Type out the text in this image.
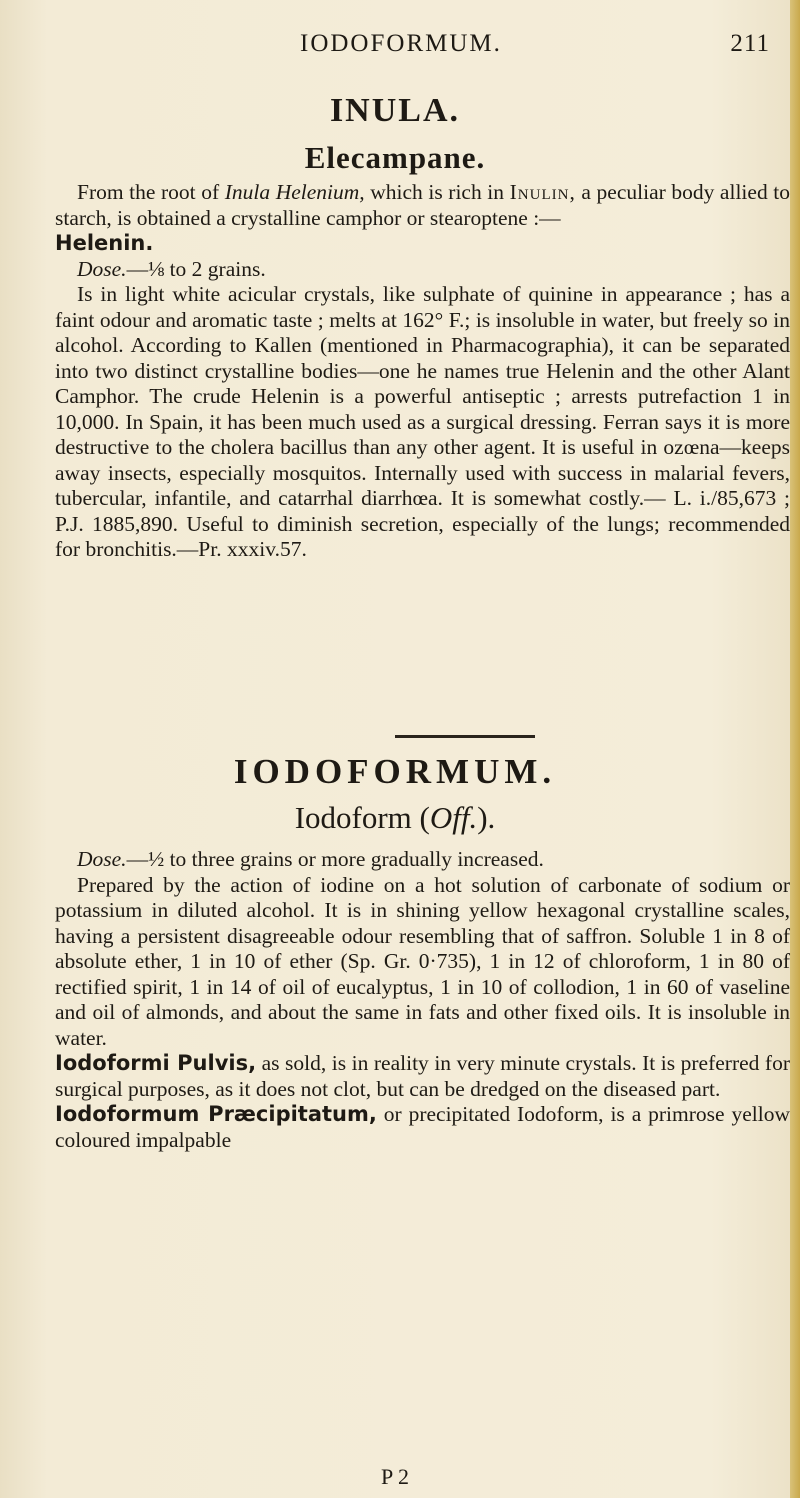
IODOFORMUM.	211
INULA.
Elecampane.

From the root of Inula Helenium, which is rich in Inulin, a peculiar body allied to starch, is obtained a crystalline camphor or stearoptene :—

Helenin.

Dose.—⅛ to 2 grains.

Is in light white acicular crystals, like sulphate of quinine in appearance ; has a faint odour and aromatic taste ; melts at 162° F.; is insoluble in water, but freely so in alcohol. According to Kallen (mentioned in Pharmacographia), it can be separated into two distinct crystalline bodies—one he names true Helenin and the other Alant Camphor. The crude Helenin is a powerful antiseptic ; arrests putrefaction 1 in 10,000. In Spain, it has been much used as a surgical dressing. Ferran says it is more destructive to the cholera bacillus than any other agent. It is useful in ozœna—keeps away insects, especially mosquitos. Internally used with success in malarial fevers, tubercular, infantile, and catarrhal diarrhœa. It is somewhat costly.— L. i./85,673 ; P.J. 1885,890. Useful to diminish secretion, especially of the lungs; recommended for bronchitis.—Pr. xxxiv.57.

IODOFORMUM.
Iodoform (Off.).

Dose.—½ to three grains or more gradually increased.

Prepared by the action of iodine on a hot solution of carbonate of sodium or potassium in diluted alcohol. It is in shining yellow hexagonal crystalline scales, having a persistent disagreeable odour resembling that of saffron. Soluble 1 in 8 of absolute ether, 1 in 10 of ether (Sp. Gr. 0·735), 1 in 12 of chloroform, 1 in 80 of rectified spirit, 1 in 14 of oil of eucalyptus, 1 in 10 of collodion, 1 in 60 of vaseline and oil of almonds, and about the same in fats and other fixed oils. It is insoluble in water.

Iodoformi Pulvis, as sold, is in reality in very minute crystals. It is preferred for surgical purposes, as it does not clot, but can be dredged on the diseased part.

Iodoformum Præcipitatum, or precipitated Iodoform, is a primrose yellow coloured impalpable

P 2
